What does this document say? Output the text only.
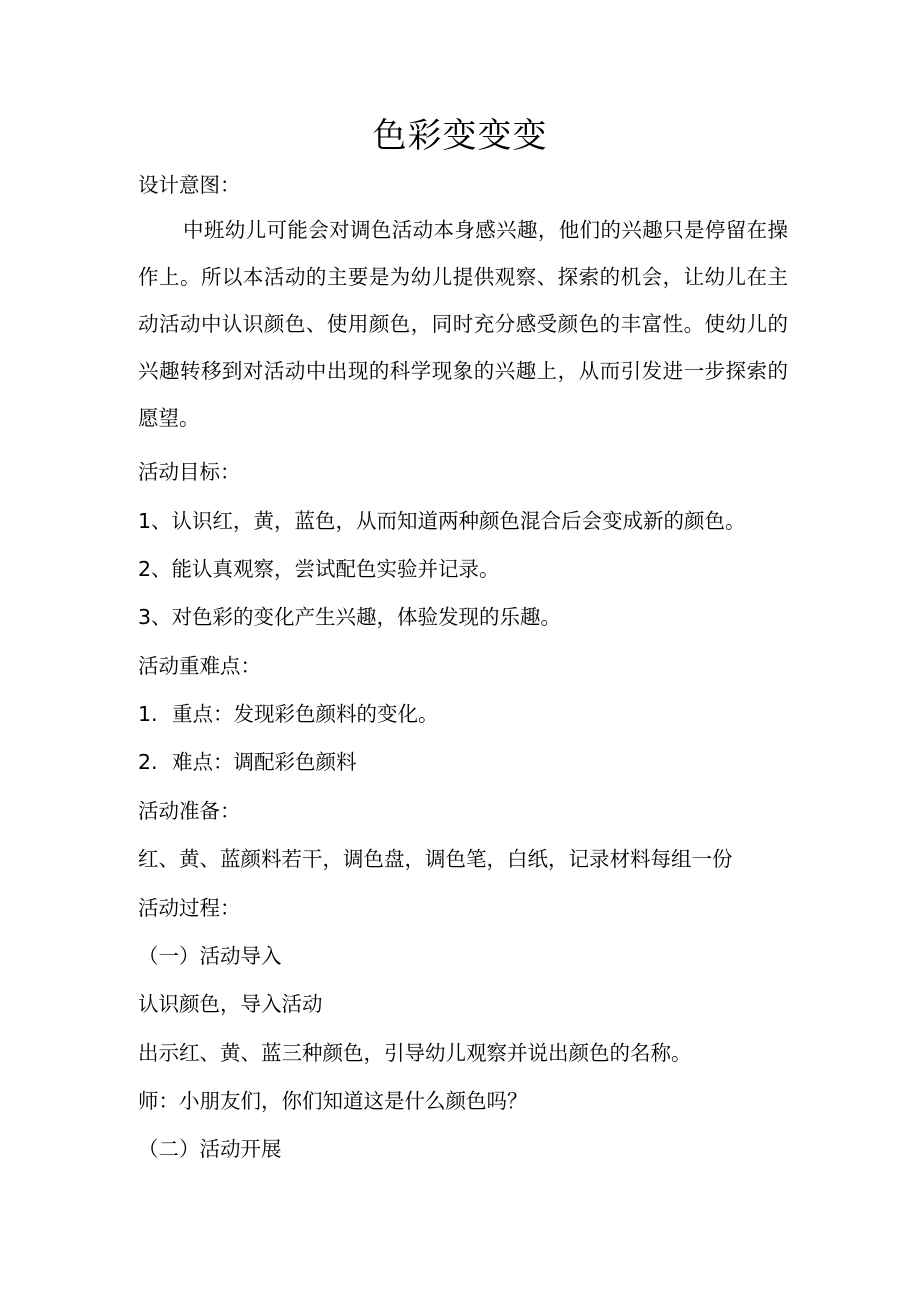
色彩变变变
设计意图：
中班幼儿可能会对调色活动本身感兴趣，他们的兴趣只是停留在操作上。所以本活动的主要是为幼儿提供观察、探索的机会，让幼儿在主动活动中认识颜色、使用颜色，同时充分感受颜色的丰富性。使幼儿的兴趣转移到对活动中出现的科学现象的兴趣上，从而引发进一步探索的愿望。
活动目标：
1、认识红，黄，蓝色，从而知道两种颜色混合后会变成新的颜色。
2、能认真观察，尝试配色实验并记录。
3、对色彩的变化产生兴趣，体验发现的乐趣。
活动重难点：
1. 重点：发现彩色颜料的变化。
2. 难点：调配彩色颜料
活动准备：
红、黄、蓝颜料若干，调色盘，调色笔，白纸，记录材料每组一份
活动过程：
（一）活动导入
认识颜色，导入活动
出示红、黄、蓝三种颜色，引导幼儿观察并说出颜色的名称。
师：小朋友们，你们知道这是什么颜色吗？
（二）活动开展
